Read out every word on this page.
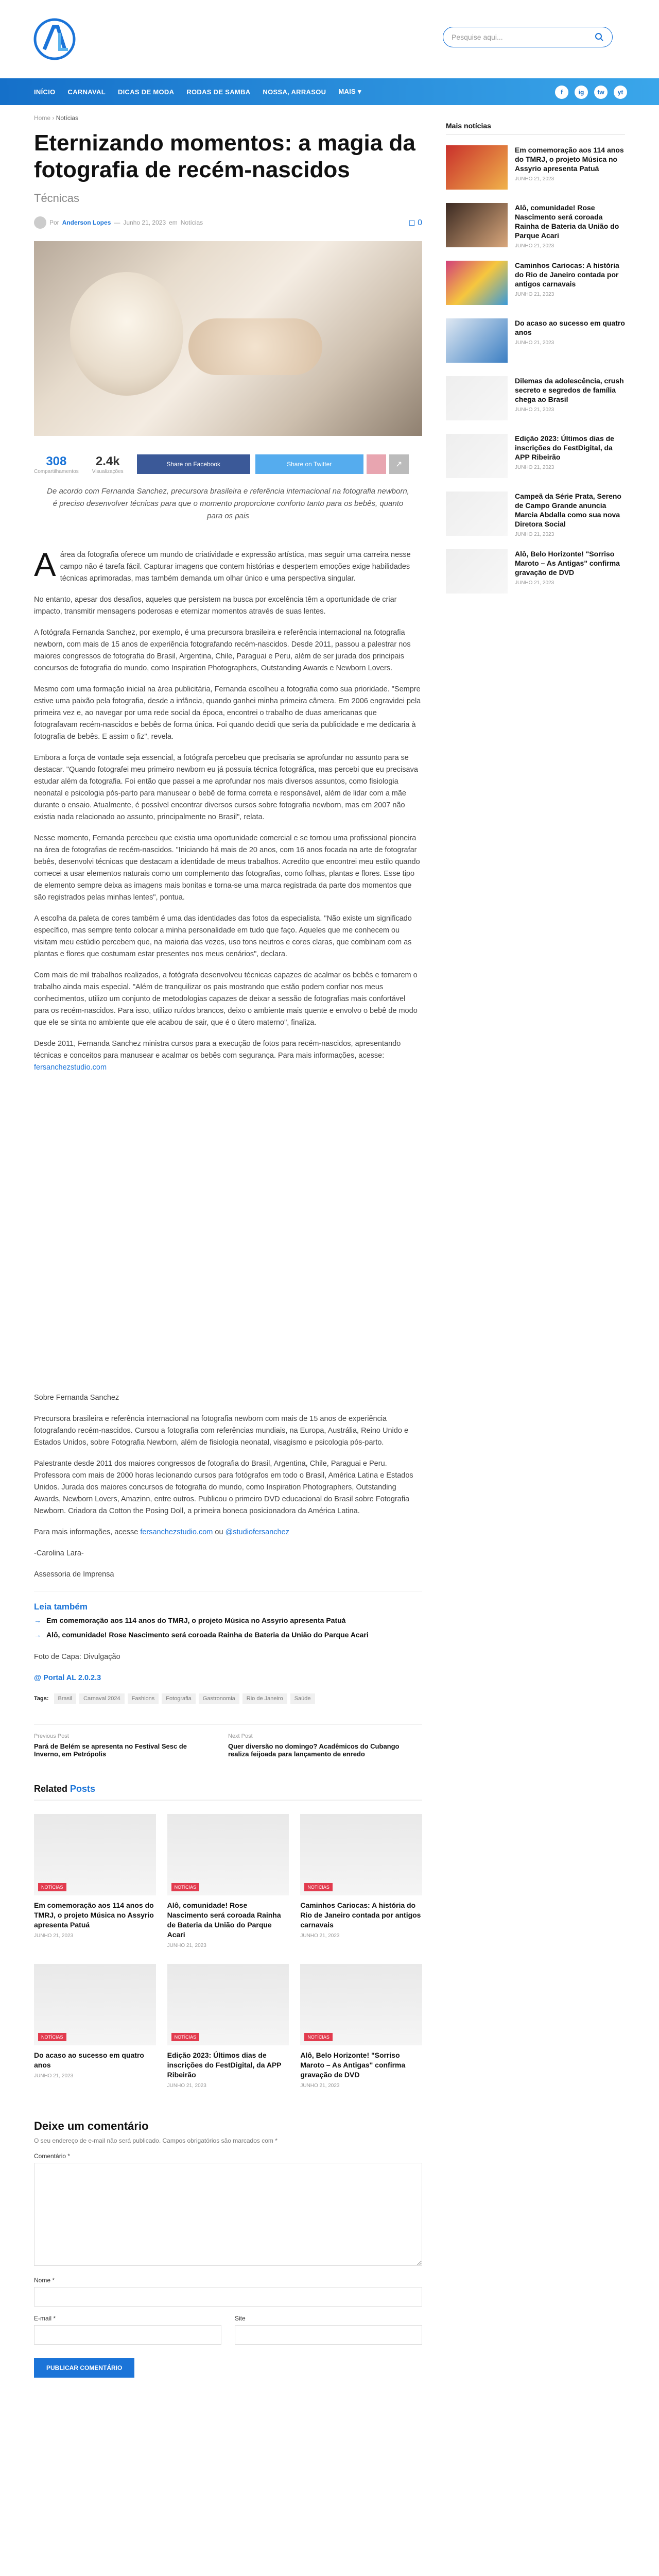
Pesquise aqui...
INÍCIO CARNAVAL DICAS DE MODA RODAS DE SAMBA NOSSA, ARRASOU MAIS ▾	f	ig	tw	yt
Home › Notícias
Eternizando momentos: a magia da fotografia de recém-nascidos
Técnicas
Por Anderson Lopes — Junho 21, 2023 em Notícias	◻ 0
308
Compartilhamentos
2.4k
Visualizações
Share on Facebook	Share on Twitter	↗
De acordo com Fernanda Sanchez, precursora brasileira e referência internacional na fotografia newborn, é preciso desenvolver técnicas para que o momento proporcione conforto tanto para os bebês, quanto para os pais

Aárea da fotografia oferece um mundo de criatividade e expressão artística, mas seguir uma carreira nesse campo não é tarefa fácil. Capturar imagens que contem histórias e despertem emoções exige habilidades técnicas aprimoradas, mas também demanda um olhar único e uma perspectiva singular.

No entanto, apesar dos desafios, aqueles que persistem na busca por excelência têm a oportunidade de criar impacto, transmitir mensagens poderosas e eternizar momentos através de suas lentes.

A fotógrafa Fernanda Sanchez, por exemplo, é uma precursora brasileira e referência internacional na fotografia newborn, com mais de 15 anos de experiência fotografando recém-nascidos. Desde 2011, passou a palestrar nos maiores congressos de fotografia do Brasil, Argentina, Chile, Paraguai e Peru, além de ser jurada dos principais concursos de fotografia do mundo, como Inspiration Photographers, Outstanding Awards e Newborn Lovers.

Mesmo com uma formação inicial na área publicitária, Fernanda escolheu a fotografia como sua prioridade. "Sempre estive uma paixão pela fotografia, desde a infância, quando ganhei minha primeira câmera. Em 2006 engravidei pela primeira vez e, ao navegar por uma rede social da época, encontrei o trabalho de duas americanas que fotografavam recém-nascidos e bebês de forma única. Foi quando decidi que seria da publicidade e me dedicaria à fotografia de bebês. E assim o fiz", revela.

Embora a força de vontade seja essencial, a fotógrafa percebeu que precisaria se aprofundar no assunto para se destacar. "Quando fotografei meu primeiro newborn eu já possuía técnica fotográfica, mas percebi que eu precisava estudar além da fotografia. Foi então que passei a me aprofundar nos mais diversos assuntos, como fisiologia neonatal e psicologia pós-parto para manusear o bebê de forma correta e responsável, além de lidar com a mãe durante o ensaio. Atualmente, é possível encontrar diversos cursos sobre fotografia newborn, mas em 2007 não existia nada relacionado ao assunto, principalmente no Brasil", relata.

Nesse momento, Fernanda percebeu que existia uma oportunidade comercial e se tornou uma profissional pioneira na área de fotografias de recém-nascidos. "Iniciando há mais de 20 anos, com 16 anos focada na arte de fotografar bebês, desenvolvi técnicas que destacam a identidade de meus trabalhos. Acredito que encontrei meu estilo quando comecei a usar elementos naturais como um complemento das fotografias, como folhas, plantas e flores. Esse tipo de elemento sempre deixa as imagens mais bonitas e torna-se uma marca registrada da parte dos momentos que são registrados pelas minhas lentes", pontua.

A escolha da paleta de cores também é uma das identidades das fotos da especialista. "Não existe um significado específico, mas sempre tento colocar a minha personalidade em tudo que faço. Aqueles que me conhecem ou visitam meu estúdio percebem que, na maioria das vezes, uso tons neutros e cores claras, que combinam com as plantas e flores que costumam estar presentes nos meus cenários", declara.

Com mais de mil trabalhos realizados, a fotógrafa desenvolveu técnicas capazes de acalmar os bebês e tornarem o trabalho ainda mais especial. "Além de tranquilizar os pais mostrando que estão podem confiar nos meus conhecimentos, utilizo um conjunto de metodologias capazes de deixar a sessão de fotografias mais confortável para os recém-nascidos. Para isso, utilizo ruídos brancos, deixo o ambiente mais quente e envolvo o bebê de modo que ele se sinta no ambiente que ele acabou de sair, que é o útero materno", finaliza.

Desde 2011, Fernanda Sanchez ministra cursos para a execução de fotos para recém-nascidos, apresentando técnicas e conceitos para manusear e acalmar os bebês com segurança. Para mais informações, acesse: fersanchezstudio.com

Sobre Fernanda Sanchez

Precursora brasileira e referência internacional na fotografia newborn com mais de 15 anos de experiência fotografando recém-nascidos. Cursou a fotografia com referências mundiais, na Europa, Austrália, Reino Unido e Estados Unidos, sobre Fotografia Newborn, além de fisiologia neonatal, visagismo e psicologia pós-parto.

Palestrante desde 2011 dos maiores congressos de fotografia do Brasil, Argentina, Chile, Paraguai e Peru. Professora com mais de 2000 horas lecionando cursos para fotógrafos em todo o Brasil, América Latina e Estados Unidos. Jurada dos maiores concursos de fotografia do mundo, como Inspiration Photographers, Outstanding Awards, Newborn Lovers, Amazinn, entre outros. Publicou o primeiro DVD educacional do Brasil sobre Fotografia Newborn. Criadora da Cotton the Posing Doll, a primeira boneca posicionadora da América Latina.

Para mais informações, acesse fersanchezstudio.com ou @studiofersanchez

-Carolina Lara-

Assessoria de Imprensa

Leia também
→ Em comemoração aos 114 anos do TMRJ, o projeto Música no Assyrio apresenta Patuá
→ Alô, comunidade! Rose Nascimento será coroada Rainha de Bateria da União do Parque Acari

Foto de Capa: Divulgação

@ Portal AL 2.0.2.3

Tags:	Brasil	Carnaval 2024	Fashions	Fotografia	Gastronomia	Rio de Janeiro	Saúde
Previous Post
Pará de Belém se apresenta no Festival Sesc de Inverno, em Petrópolis
Next Post
Quer diversão no domingo? Acadêmicos do Cubango realiza feijoada para lançamento de enredo
Related Posts
NOTÍCIAS
Em comemoração aos 114 anos do TMRJ, o projeto Música no Assyrio apresenta Patuá
JUNHO 21, 2023
NOTÍCIAS
Alô, comunidade! Rose Nascimento será coroada Rainha de Bateria da União do Parque Acari
JUNHO 21, 2023
NOTÍCIAS
Caminhos Cariocas: A história do Rio de Janeiro contada por antigos carnavais
JUNHO 21, 2023
NOTÍCIAS
Do acaso ao sucesso em quatro anos
JUNHO 21, 2023
NOTÍCIAS
Edição 2023: Últimos dias de inscrições do FestDigital, da APP Ribeirão
JUNHO 21, 2023
NOTÍCIAS
Alô, Belo Horizonte! "Sorriso Maroto – As Antigas" confirma gravação de DVD
JUNHO 21, 2023
Deixe um comentário
O seu endereço de e-mail não será publicado. Campos obrigatórios são marcados com *
Comentário *
Nome *
E-mail *	Site
PUBLICAR COMENTÁRIO
Mais notícias
Em comemoração aos 114 anos do TMRJ, o projeto Música no Assyrio apresenta Patuá
JUNHO 21, 2023
Alô, comunidade! Rose Nascimento será coroada Rainha de Bateria da União do Parque Acari
JUNHO 21, 2023
Caminhos Cariocas: A história do Rio de Janeiro contada por antigos carnavais
JUNHO 21, 2023
Do acaso ao sucesso em quatro anos
JUNHO 21, 2023
Dilemas da adolescência, crush secreto e segredos de família chega ao Brasil
JUNHO 21, 2023
Edição 2023: Últimos dias de inscrições do FestDigital, da APP Ribeirão
JUNHO 21, 2023
Campeã da Série Prata, Sereno de Campo Grande anuncia Marcia Abdalla como sua nova Diretora Social
JUNHO 21, 2023
Alô, Belo Horizonte! "Sorriso Maroto – As Antigas" confirma gravação de DVD
JUNHO 21, 2023
